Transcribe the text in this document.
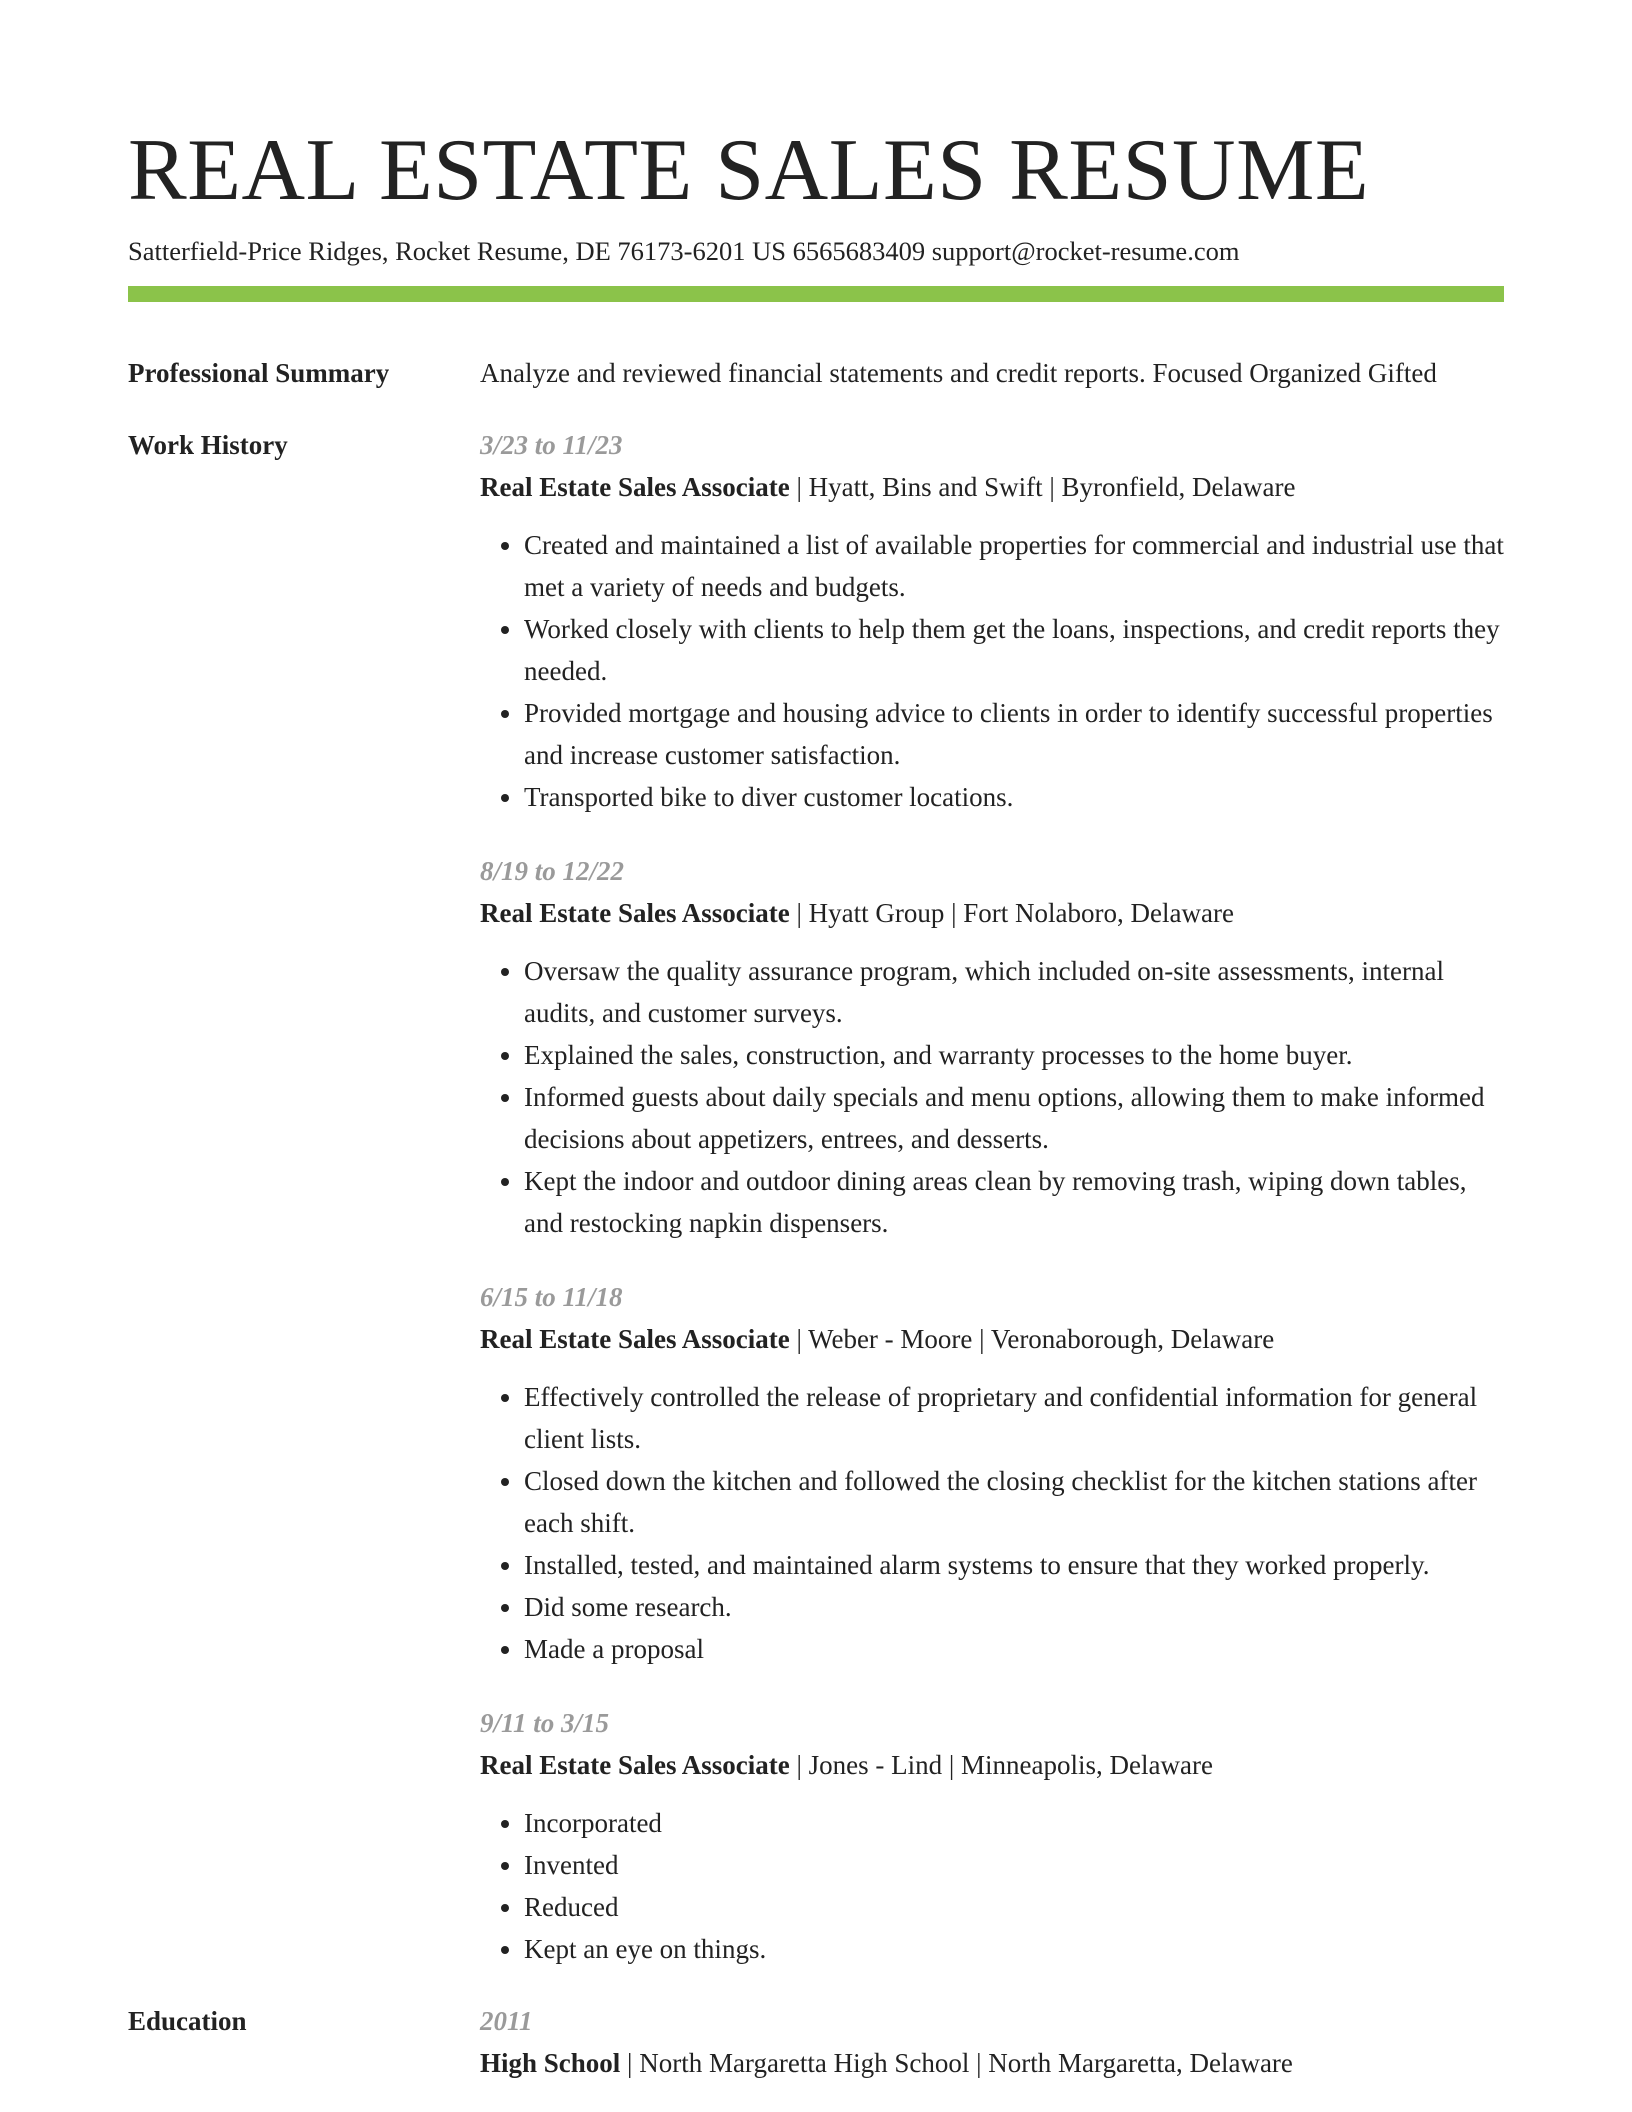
REAL ESTATE SALES RESUME
Satterfield-Price Ridges, Rocket Resume, DE 76173-6201 US 6565683409 support@rocket-resume.com
Professional Summary	Analyze and reviewed financial statements and credit reports. Focused Organized Gifted
Work History	3/23 to 11/23
Real Estate Sales Associate | Hyatt, Bins and Swift | Byronfield, Delaware
• Created and maintained a list of available properties for commercial and industrial use that met a variety of needs and budgets.
• Worked closely with clients to help them get the loans, inspections, and credit reports they needed.
• Provided mortgage and housing advice to clients in order to identify successful properties and increase customer satisfaction.
• Transported bike to diver customer locations.
8/19 to 12/22
Real Estate Sales Associate | Hyatt Group | Fort Nolaboro, Delaware
• Oversaw the quality assurance program, which included on-site assessments, internal audits, and customer surveys.
• Explained the sales, construction, and warranty processes to the home buyer.
• Informed guests about daily specials and menu options, allowing them to make informed decisions about appetizers, entrees, and desserts.
• Kept the indoor and outdoor dining areas clean by removing trash, wiping down tables, and restocking napkin dispensers.
6/15 to 11/18
Real Estate Sales Associate | Weber - Moore | Veronaborough, Delaware
• Effectively controlled the release of proprietary and confidential information for general client lists.
• Closed down the kitchen and followed the closing checklist for the kitchen stations after each shift.
• Installed, tested, and maintained alarm systems to ensure that they worked properly.
• Did some research.
• Made a proposal
9/11 to 3/15
Real Estate Sales Associate | Jones - Lind | Minneapolis, Delaware
• Incorporated
• Invented
• Reduced
• Kept an eye on things.
Education	2011
High School | North Margaretta High School | North Margaretta, Delaware
